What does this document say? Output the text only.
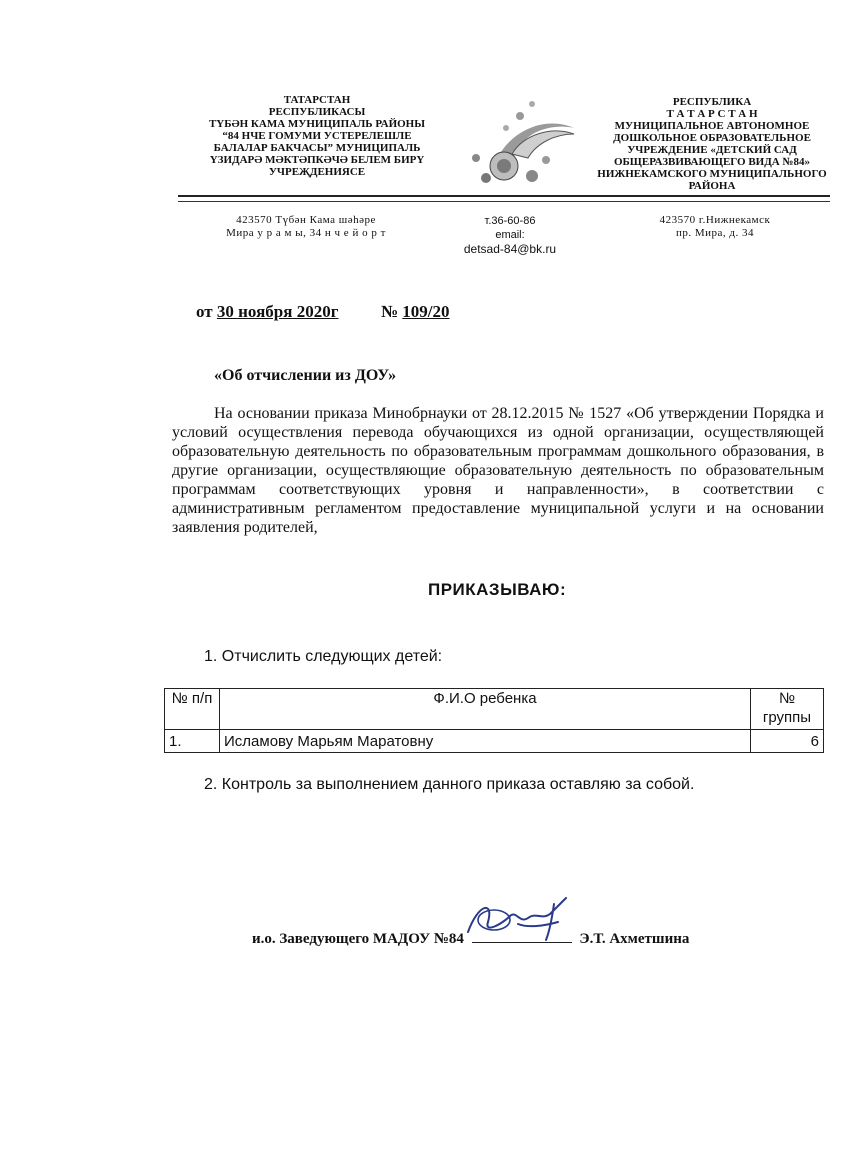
ТАТАРСТАН
РЕСПУБЛИКАСЫ
ТҮБӘН КАМА МУНИЦИПАЛЬ РАЙОНЫ
“84 НЧЕ ГОМУМИ УСТЕРЕЛЕШЛЕ
БАЛАЛАР БАКЧАСЫ” МУНИЦИПАЛЬ
ҮЗИДАРӘ МӘКТӘПКӘЧӘ БЕЛЕМ БИРҮ
УЧРЕҖДЕНИЯСЕ
РЕСПУБЛИКА
Т А Т А Р С Т А Н
МУНИЦИПАЛЬНОЕ АВТОНОМНОЕ
ДОШКОЛЬНОЕ ОБРАЗОВАТЕЛЬНОЕ
УЧРЕЖДЕНИЕ «ДЕТСКИЙ САД
ОБЩЕРАЗВИВАЮЩЕГО ВИДА №84»
НИЖНЕКАМСКОГО МУНИЦИПАЛЬНОГО
РАЙОНА
423570 Түбән Кама шәһәре
Мира у р а м ы, 34 н ч е й о р т
т.36-60-86
email:
detsad-84@bk.ru
423570 г.Нижнекамск
пр. Мира, д. 34
от 30 ноября 2020г	№ 109/20
«Об отчислении из ДОУ»
На основании приказа Минобрнауки от 28.12.2015 № 1527 «Об утверждении Порядка и условий осуществления перевода обучающихся из одной организации, осуществляющей образовательную деятельность по образовательным программам дошкольного образования, в другие организации, осуществляющие образовательную деятельность по образовательным программам соответствующих уровня и направленности», в соответствии с административным регламентом предоставление муниципальной услуги и на основании заявления родителей,
ПРИКАЗЫВАЮ:
1. Отчислить следующих детей:
№ п/п	Ф.И.О ребенка	№ группы
1.	Исламову Марьям Маратовну	6
2. Контроль за выполнением данного приказа оставляю за собой.
и.о. Заведующего МАДОУ №84	Э.Т. Ахметшина
